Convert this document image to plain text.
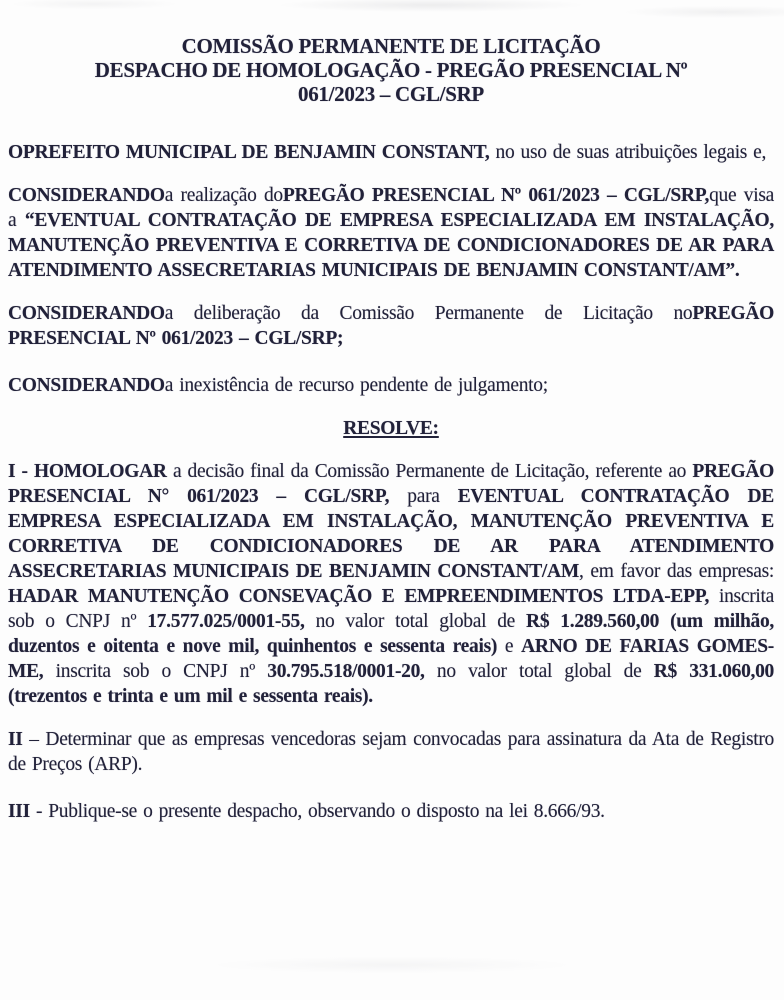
COMISSÃO PERMANENTE DE LICITAÇÃO
DESPACHO DE HOMOLOGAÇÃO - PREGÃO PRESENCIAL Nº
061/2023 – CGL/SRP

OPREFEITO MUNICIPAL DE BENJAMIN CONSTANT, no uso de suas atribuições legais e,

CONSIDERANDOa realização doPREGÃO PRESENCIAL Nº 061/2023 – CGL/SRP,que visa a “EVENTUAL CONTRATAÇÃO DE EMPRESA ESPECIALIZADA EM INSTALAÇÃO, MANUTENÇÃO PREVENTIVA E CORRETIVA DE CONDICIONADORES DE AR PARA ATENDIMENTO ASSECRETARIAS MUNICIPAIS DE BENJAMIN CONSTANT/AM”.

CONSIDERANDOa deliberação da Comissão Permanente de Licitação noPREGÃO PRESENCIAL Nº 061/2023 – CGL/SRP;

CONSIDERANDOa inexistência de recurso pendente de julgamento;

RESOLVE:

I - HOMOLOGAR a decisão final da Comissão Permanente de Licitação, referente ao PREGÃO PRESENCIAL N° 061/2023 – CGL/SRP, para EVENTUAL CONTRATAÇÃO DE EMPRESA ESPECIALIZADA EM INSTALAÇÃO, MANUTENÇÃO PREVENTIVA E CORRETIVA DE CONDICIONADORES DE AR PARA ATENDIMENTO ASSECRETARIAS MUNICIPAIS DE BENJAMIN CONSTANT/AM, em favor das empresas: HADAR MANUTENÇÃO CONSEVAÇÃO E EMPREENDIMENTOS LTDA-EPP, inscrita sob o CNPJ nº 17.577.025/0001-55, no valor total global de R$ 1.289.560,00 (um milhão, duzentos e oitenta e nove mil, quinhentos e sessenta reais) e ARNO DE FARIAS GOMES-ME, inscrita sob o CNPJ nº 30.795.518/0001-20, no valor total global de R$ 331.060,00 (trezentos e trinta e um mil e sessenta reais).

II – Determinar que as empresas vencedoras sejam convocadas para assinatura da Ata de Registro de Preços (ARP).

III - Publique-se o presente despacho, observando o disposto na lei 8.666/93.
